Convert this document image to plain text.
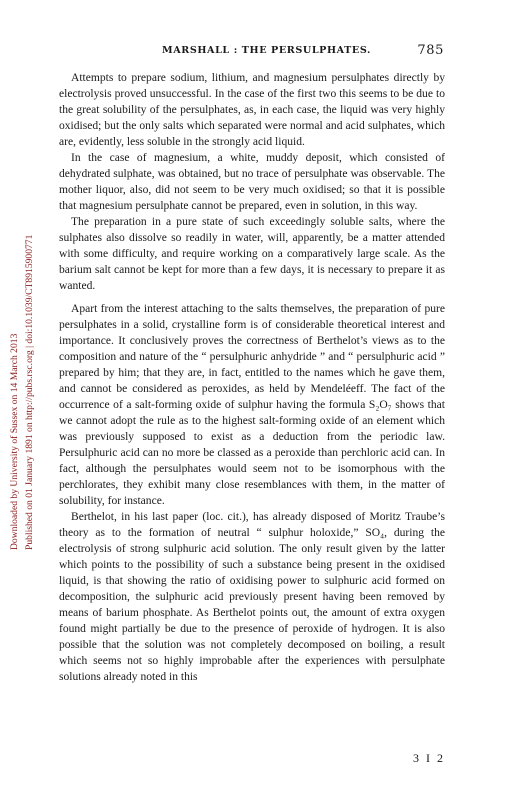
Downloaded by University of Sussex on 14 March 2013 Published on 01 January 1891 on http://pubs.rsc.org | doi:10.1039/CT8915900771
MARSHALL : THE PERSULPHATES.	785

Attempts to prepare sodium, lithium, and magnesium persulphates directly by electrolysis proved unsuccessful. In the case of the first two this seems to be due to the great solubility of the persulphates, as, in each case, the liquid was very highly oxidised; but the only salts which separated were normal and acid sulphates, which are, evidently, less soluble in the strongly acid liquid.

In the case of magnesium, a white, muddy deposit, which consisted of dehydrated sulphate, was obtained, but no trace of persulphate was observable. The mother liquor, also, did not seem to be very much oxidised; so that it is possible that magnesium persulphate cannot be prepared, even in solution, in this way.

The preparation in a pure state of such exceedingly soluble salts, where the sulphates also dissolve so readily in water, will, apparently, be a matter attended with some difficulty, and require working on a comparatively large scale. As the barium salt cannot be kept for more than a few days, it is necessary to prepare it as wanted.

Apart from the interest attaching to the salts themselves, the preparation of pure persulphates in a solid, crystalline form is of considerable theoretical interest and importance. It conclusively proves the correctness of Berthelot’s views as to the composition and nature of the “ persulphuric anhydride ” and “ persulphuric acid ” prepared by him; that they are, in fact, entitled to the names which he gave them, and cannot be considered as peroxides, as held by Mendeléeff. The fact of the occurrence of a salt-forming oxide of sulphur having the formula S₂O₇ shows that we cannot adopt the rule as to the highest salt-forming oxide of an element which was previously supposed to exist as a deduction from the periodic law. Persulphuric acid can no more be classed as a peroxide than perchloric acid can. In fact, although the persulphates would seem not to be isomorphous with the perchlorates, they exhibit many close resemblances with them, in the matter of solubility, for instance.

Berthelot, in his last paper (loc. cit.), has already disposed of Moritz Traube’s theory as to the formation of neutral “ sulphur holoxide,” SO₄, during the electrolysis of strong sulphuric acid solution. The only result given by the latter which points to the possibility of such a substance being present in the oxidised liquid, is that showing the ratio of oxidising power to sulphuric acid formed on decomposition, the sulphuric acid previously present having been removed by means of barium phosphate. As Berthelot points out, the amount of extra oxygen found might partially be due to the presence of peroxide of hydrogen. It is also possible that the solution was not completely decomposed on boiling, a result which seems not so highly improbable after the experiences with persulphate solutions already noted in this

3 I 2
